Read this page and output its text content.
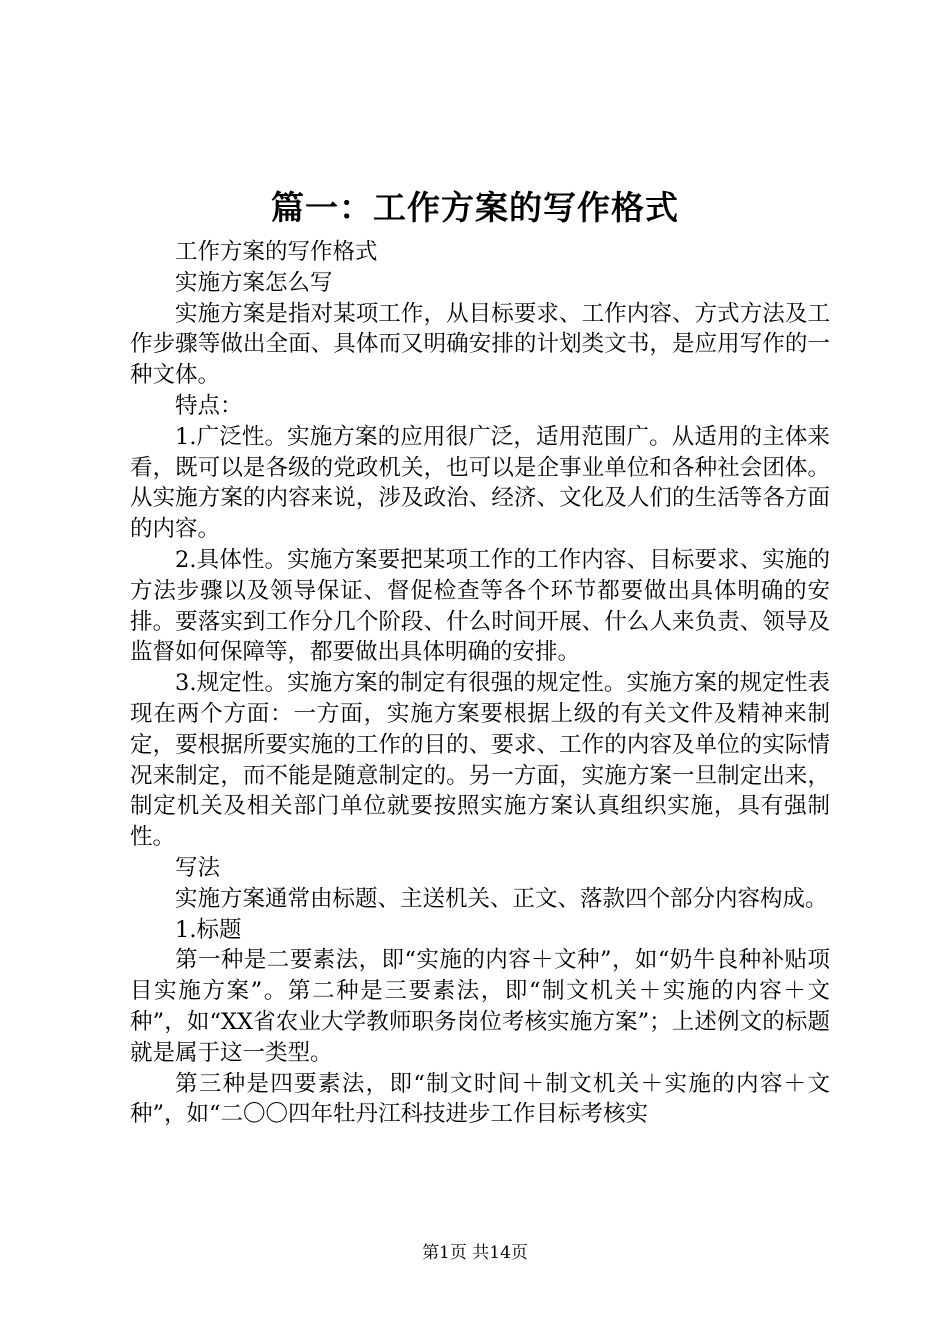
篇一：工作方案的写作格式

工作方案的写作格式

实施方案怎么写

实施方案是指对某项工作，从目标要求、工作内容、方式方法及工作步骤等做出全面、具体而又明确安排的计划类文书，是应用写作的一种文体。

特点：

1.广泛性。实施方案的应用很广泛，适用范围广。从适用的主体来看，既可以是各级的党政机关，也可以是企事业单位和各种社会团体。从实施方案的内容来说，涉及政治、经济、文化及人们的生活等各方面的内容。

2.具体性。实施方案要把某项工作的工作内容、目标要求、实施的方法步骤以及领导保证、督促检查等各个环节都要做出具体明确的安排。要落实到工作分几个阶段、什么时间开展、什么人来负责、领导及监督如何保障等，都要做出具体明确的安排。

3.规定性。实施方案的制定有很强的规定性。实施方案的规定性表现在两个方面：一方面，实施方案要根据上级的有关文件及精神来制定，要根据所要实施的工作的目的、要求、工作的内容及单位的实际情况来制定，而不能是随意制定的。另一方面，实施方案一旦制定出来，制定机关及相关部门单位就要按照实施方案认真组织实施，具有强制性。

写法

实施方案通常由标题、主送机关、正文、落款四个部分内容构成。

1.标题

第一种是二要素法，即“实施的内容＋文种”，如“奶牛良种补贴项目实施方案”。第二种是三要素法，即“制文机关＋实施的内容＋文种”，如“XX省农业大学教师职务岗位考核实施方案”；上述例文的标题就是属于这一类型。

第三种是四要素法，即“制文时间＋制文机关＋实施的内容＋文种”，如“二〇〇四年牡丹江科技进步工作目标考核实

第1页 共14页
